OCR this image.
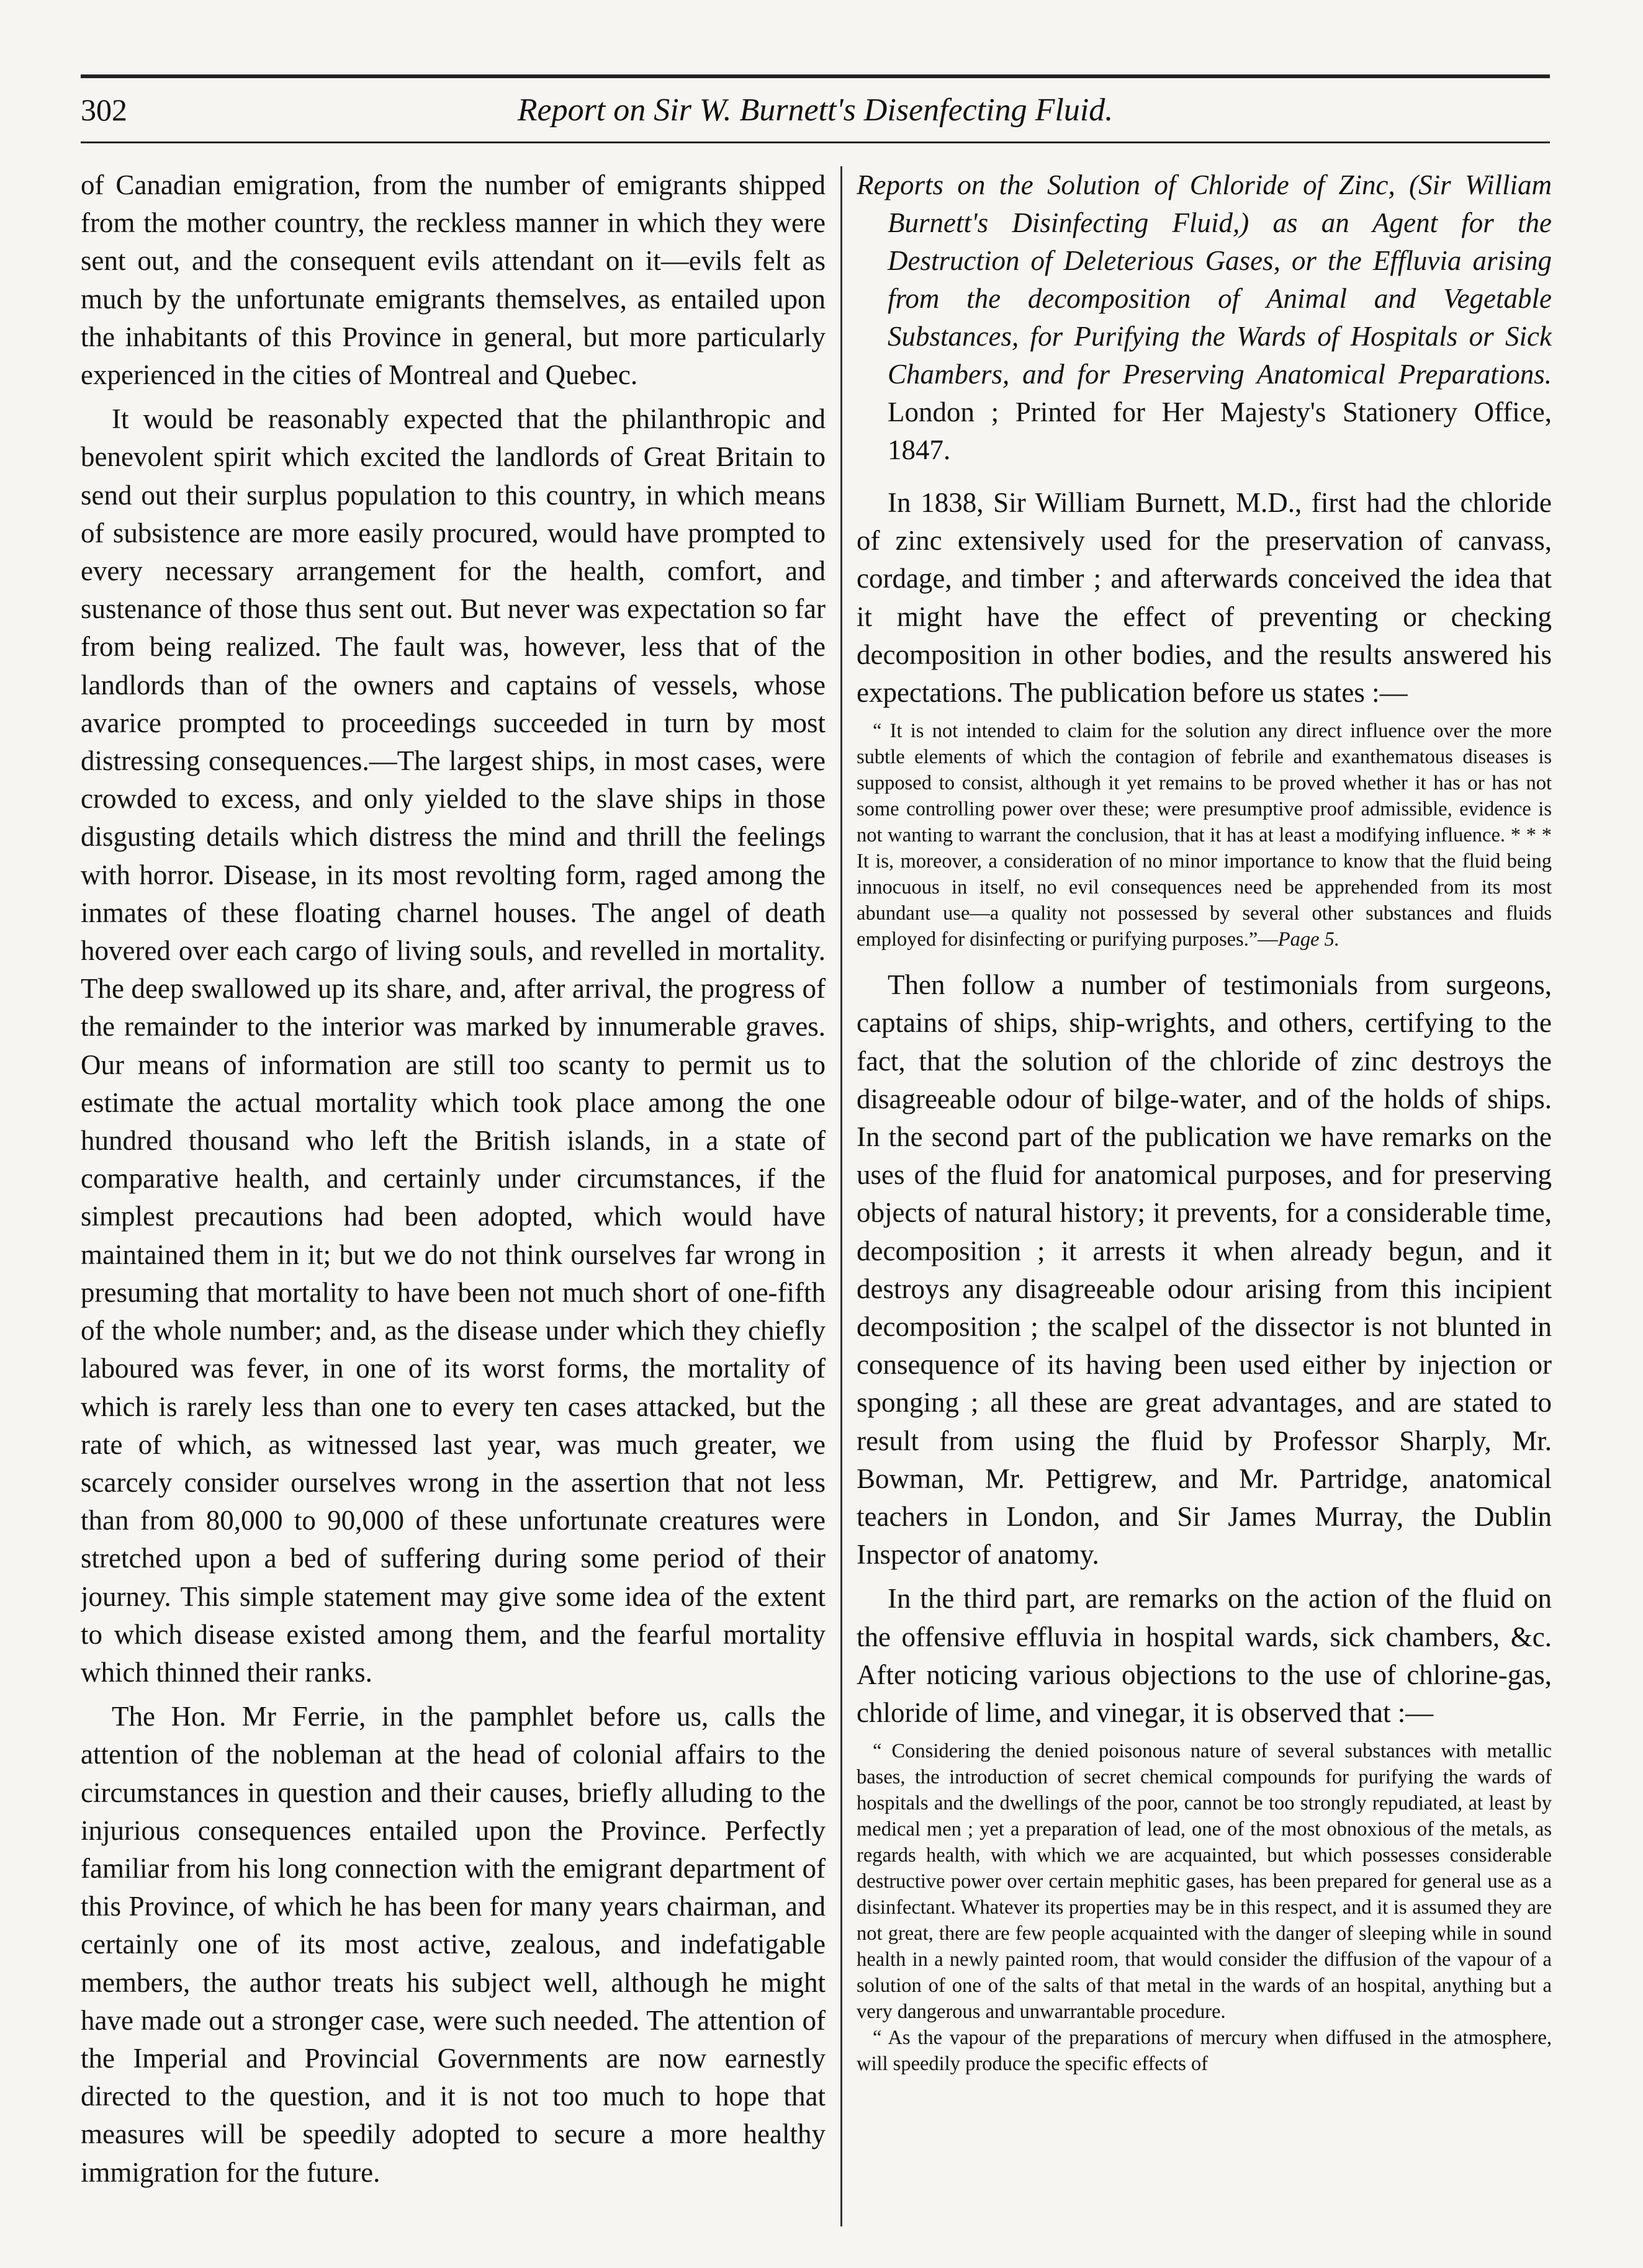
302	Report on Sir W. Burnett's Disenfecting Fluid.

of Canadian emigration, from the number of emigrants shipped from the mother country, the reckless manner in which they were sent out, and the consequent evils attendant on it—evils felt as much by the unfortunate emigrants themselves, as entailed upon the inhabitants of this Province in general, but more particularly experienced in the cities of Montreal and Quebec.

It would be reasonably expected that the philanthropic and benevolent spirit which excited the landlords of Great Britain to send out their surplus population to this country, in which means of subsistence are more easily procured, would have prompted to every necessary arrangement for the health, comfort, and sustenance of those thus sent out. But never was expectation so far from being realized. The fault was, however, less that of the landlords than of the owners and captains of vessels, whose avarice prompted to proceedings succeeded in turn by most distressing consequences.—The largest ships, in most cases, were crowded to excess, and only yielded to the slave ships in those disgusting details which distress the mind and thrill the feelings with horror. Disease, in its most revolting form, raged among the inmates of these floating charnel houses. The angel of death hovered over each cargo of living souls, and revelled in mortality. The deep swallowed up its share, and, after arrival, the progress of the remainder to the interior was marked by innumerable graves. Our means of information are still too scanty to permit us to estimate the actual mortality which took place among the one hundred thousand who left the British islands, in a state of comparative health, and certainly under circumstances, if the simplest precautions had been adopted, which would have maintained them in it; but we do not think ourselves far wrong in presuming that mortality to have been not much short of one-fifth of the whole number; and, as the disease under which they chiefly laboured was fever, in one of its worst forms, the mortality of which is rarely less than one to every ten cases attacked, but the rate of which, as witnessed last year, was much greater, we scarcely consider ourselves wrong in the assertion that not less than from 80,000 to 90,000 of these unfortunate creatures were stretched upon a bed of suffering during some period of their journey. This simple statement may give some idea of the extent to which disease existed among them, and the fearful mortality which thinned their ranks.

The Hon. Mr Ferrie, in the pamphlet before us, calls the attention of the nobleman at the head of colonial affairs to the circumstances in question and their causes, briefly alluding to the injurious consequences entailed upon the Province. Perfectly familiar from his long connection with the emigrant department of this Province, of which he has been for many years chairman, and certainly one of its most active, zealous, and indefatigable members, the author treats his subject well, although he might have made out a stronger case, were such needed. The attention of the Imperial and Provincial Governments are now earnestly directed to the question, and it is not too much to hope that measures will be speedily adopted to secure a more healthy immigration for the future.

Reports on the Solution of Chloride of Zinc, (Sir William Burnett's Disinfecting Fluid,) as an Agent for the Destruction of Deleterious Gases, or the Effluvia arising from the decomposition of Animal and Vegetable Substances, for Purifying the Wards of Hospitals or Sick Chambers, and for Preserving Anatomical Preparations. London ; Printed for Her Majesty's Stationery Office, 1847.

In 1838, Sir William Burnett, M.D., first had the chloride of zinc extensively used for the preservation of canvass, cordage, and timber ; and afterwards conceived the idea that it might have the effect of preventing or checking decomposition in other bodies, and the results answered his expectations. The publication before us states :—

“ It is not intended to claim for the solution any direct influence over the more subtle elements of which the contagion of febrile and exanthematous diseases is supposed to consist, although it yet remains to be proved whether it has or has not some controlling power over these; were presumptive proof admissible, evidence is not wanting to warrant the conclusion, that it has at least a modifying influence. * * * It is, moreover, a consideration of no minor importance to know that the fluid being innocuous in itself, no evil consequences need be apprehended from its most abundant use—a quality not possessed by several other substances and fluids employed for disinfecting or purifying purposes.”—Page 5.

Then follow a number of testimonials from surgeons, captains of ships, ship-wrights, and others, certifying to the fact, that the solution of the chloride of zinc destroys the disagreeable odour of bilge-water, and of the holds of ships. In the second part of the publication we have remarks on the uses of the fluid for anatomical purposes, and for preserving objects of natural history; it prevents, for a considerable time, decomposition ; it arrests it when already begun, and it destroys any disagreeable odour arising from this incipient decomposition ; the scalpel of the dissector is not blunted in consequence of its having been used either by injection or sponging ; all these are great advantages, and are stated to result from using the fluid by Professor Sharply, Mr. Bowman, Mr. Pettigrew, and Mr. Partridge, anatomical teachers in London, and Sir James Murray, the Dublin Inspector of anatomy.

In the third part, are remarks on the action of the fluid on the offensive effluvia in hospital wards, sick chambers, &c. After noticing various objections to the use of chlorine-gas, chloride of lime, and vinegar, it is observed that :—

“ Considering the denied poisonous nature of several substances with metallic bases, the introduction of secret chemical compounds for purifying the wards of hospitals and the dwellings of the poor, cannot be too strongly repudiated, at least by medical men ; yet a preparation of lead, one of the most obnoxious of the metals, as regards health, with which we are acquainted, but which possesses considerable destructive power over certain mephitic gases, has been prepared for general use as a disinfectant. Whatever its properties may be in this respect, and it is assumed they are not great, there are few people acquainted with the danger of sleeping while in sound health in a newly painted room, that would consider the diffusion of the vapour of a solution of one of the salts of that metal in the wards of an hospital, anything but a very dangerous and unwarrantable procedure.

“ As the vapour of the preparations of mercury when diffused in the atmosphere, will speedily produce the specific effects of
